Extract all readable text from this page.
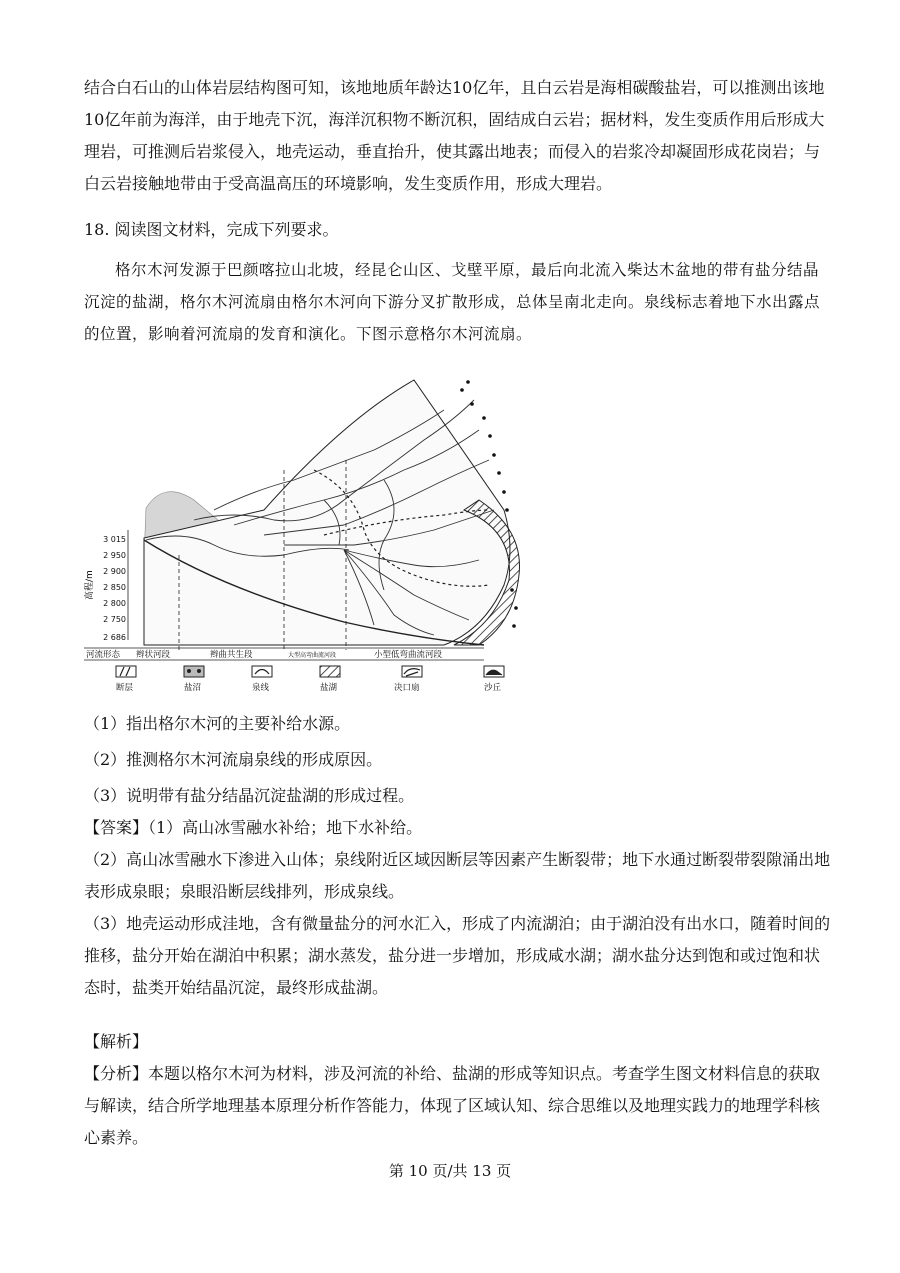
结合白石山的山体岩层结构图可知，该地地质年龄达10亿年，且白云岩是海相碳酸盐岩，可以推测出该地
10亿年前为海洋，由于地壳下沉，海洋沉积物不断沉积，固结成白云岩；据材料，发生变质作用后形成大
理岩，可推测后岩浆侵入，地壳运动，垂直抬升，使其露出地表；而侵入的岩浆冷却凝固形成花岗岩；与
白云岩接触地带由于受高温高压的环境影响，发生变质作用，形成大理岩。
18. 阅读图文材料，完成下列要求。
格尔木河发源于巴颜喀拉山北坡，经昆仑山区、戈壁平原，最后向北流入柴达木盆地的带有盐分结晶
沉淀的盐湖，格尔木河流扇由格尔木河向下游分叉扩散形成，总体呈南北走向。泉线标志着地下水出露点
的位置，影响着河流扇的发育和演化。下图示意格尔木河流扇。
高程/m
3 015
2 950
2 900
2 850
2 800
2 750
2 686
河流形态 辫状河段	辫曲共生段	大型高弯曲流河段	小型低弯曲流河段
断层	盐沼	泉线	盐湖	决口扇	沙丘
（1）指出格尔木河的主要补给水源。
（2）推测格尔木河流扇泉线的形成原因。
（3）说明带有盐分结晶沉淀盐湖的形成过程。
【答案】（1）高山冰雪融水补给；地下水补给。
（2）高山冰雪融水下渗进入山体；泉线附近区域因断层等因素产生断裂带；地下水通过断裂带裂隙涌出地
表形成泉眼；泉眼沿断层线排列，形成泉线。
（3）地壳运动形成洼地，含有微量盐分的河水汇入，形成了内流湖泊；由于湖泊没有出水口，随着时间的
推移，盐分开始在湖泊中积累；湖水蒸发，盐分进一步增加，形成咸水湖；湖水盐分达到饱和或过饱和状
态时，盐类开始结晶沉淀，最终形成盐湖。
【解析】
【分析】本题以格尔木河为材料，涉及河流的补给、盐湖的形成等知识点。考查学生图文材料信息的获取
与解读，结合所学地理基本原理分析作答能力，体现了区域认知、综合思维以及地理实践力的地理学科核
心素养。
第 10 页/共 13 页
